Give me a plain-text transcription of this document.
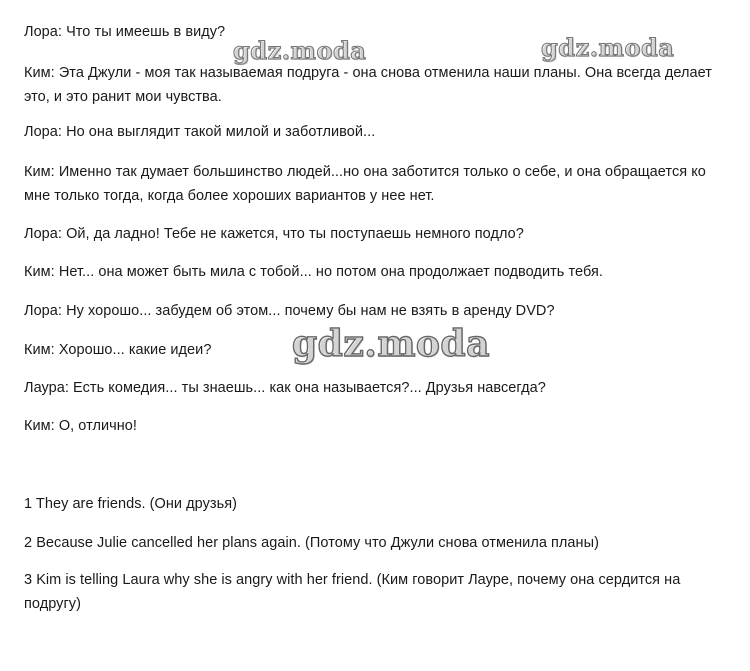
Лора: Что ты имеешь в виду?
Ким: Эта Джули - моя так называемая подруга - она снова отменила наши планы. Она всегда делает это, и это ранит мои чувства.
Лора: Но она выглядит такой милой и заботливой...
Ким: Именно так думает большинство людей...но она заботится только о себе, и она обращается ко мне только тогда, когда более хороших вариантов у нее нет.
Лора: Ой, да ладно! Тебе не кажется, что ты поступаешь немного подло?
Ким: Нет... она может быть мила с тобой... но потом она продолжает подводить тебя.
Лора: Ну хорошо... забудем об этом... почему бы нам не взять в аренду DVD?
Ким: Хорошо... какие идеи?
Лаура: Есть комедия... ты знаешь... как она называется?... Друзья навсегда?
Ким: О, отлично!
1 They are friends. (Они друзья)
2 Because Julie cancelled her plans again. (Потому что Джули снова отменила планы)
3 Kim is telling Laura why she is angry with her friend. (Ким говорит Лауре, почему она сердится на подругу)
gdz.moda	gdz.moda
gdz.moda
